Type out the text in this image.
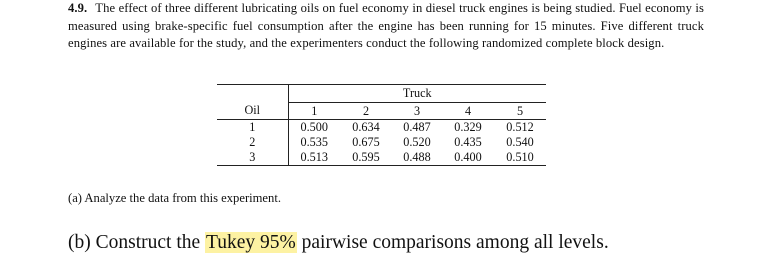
4.9. The effect of three different lubricating oils on fuel economy in diesel truck engines is being studied. Fuel economy is measured using brake-specific fuel consumption after the engine has been running for 15 minutes. Five different truck engines are available for the study, and the experimenters conduct the following randomized complete block design.
	Truck				
Oil	1	2	3	4	5
1	0.500	0.634	0.487	0.329	0.512
2	0.535	0.675	0.520	0.435	0.540
3	0.513	0.595	0.488	0.400	0.510
(a) Analyze the data from this experiment.
(b) Construct the Tukey 95% pairwise comparisons among all levels.
